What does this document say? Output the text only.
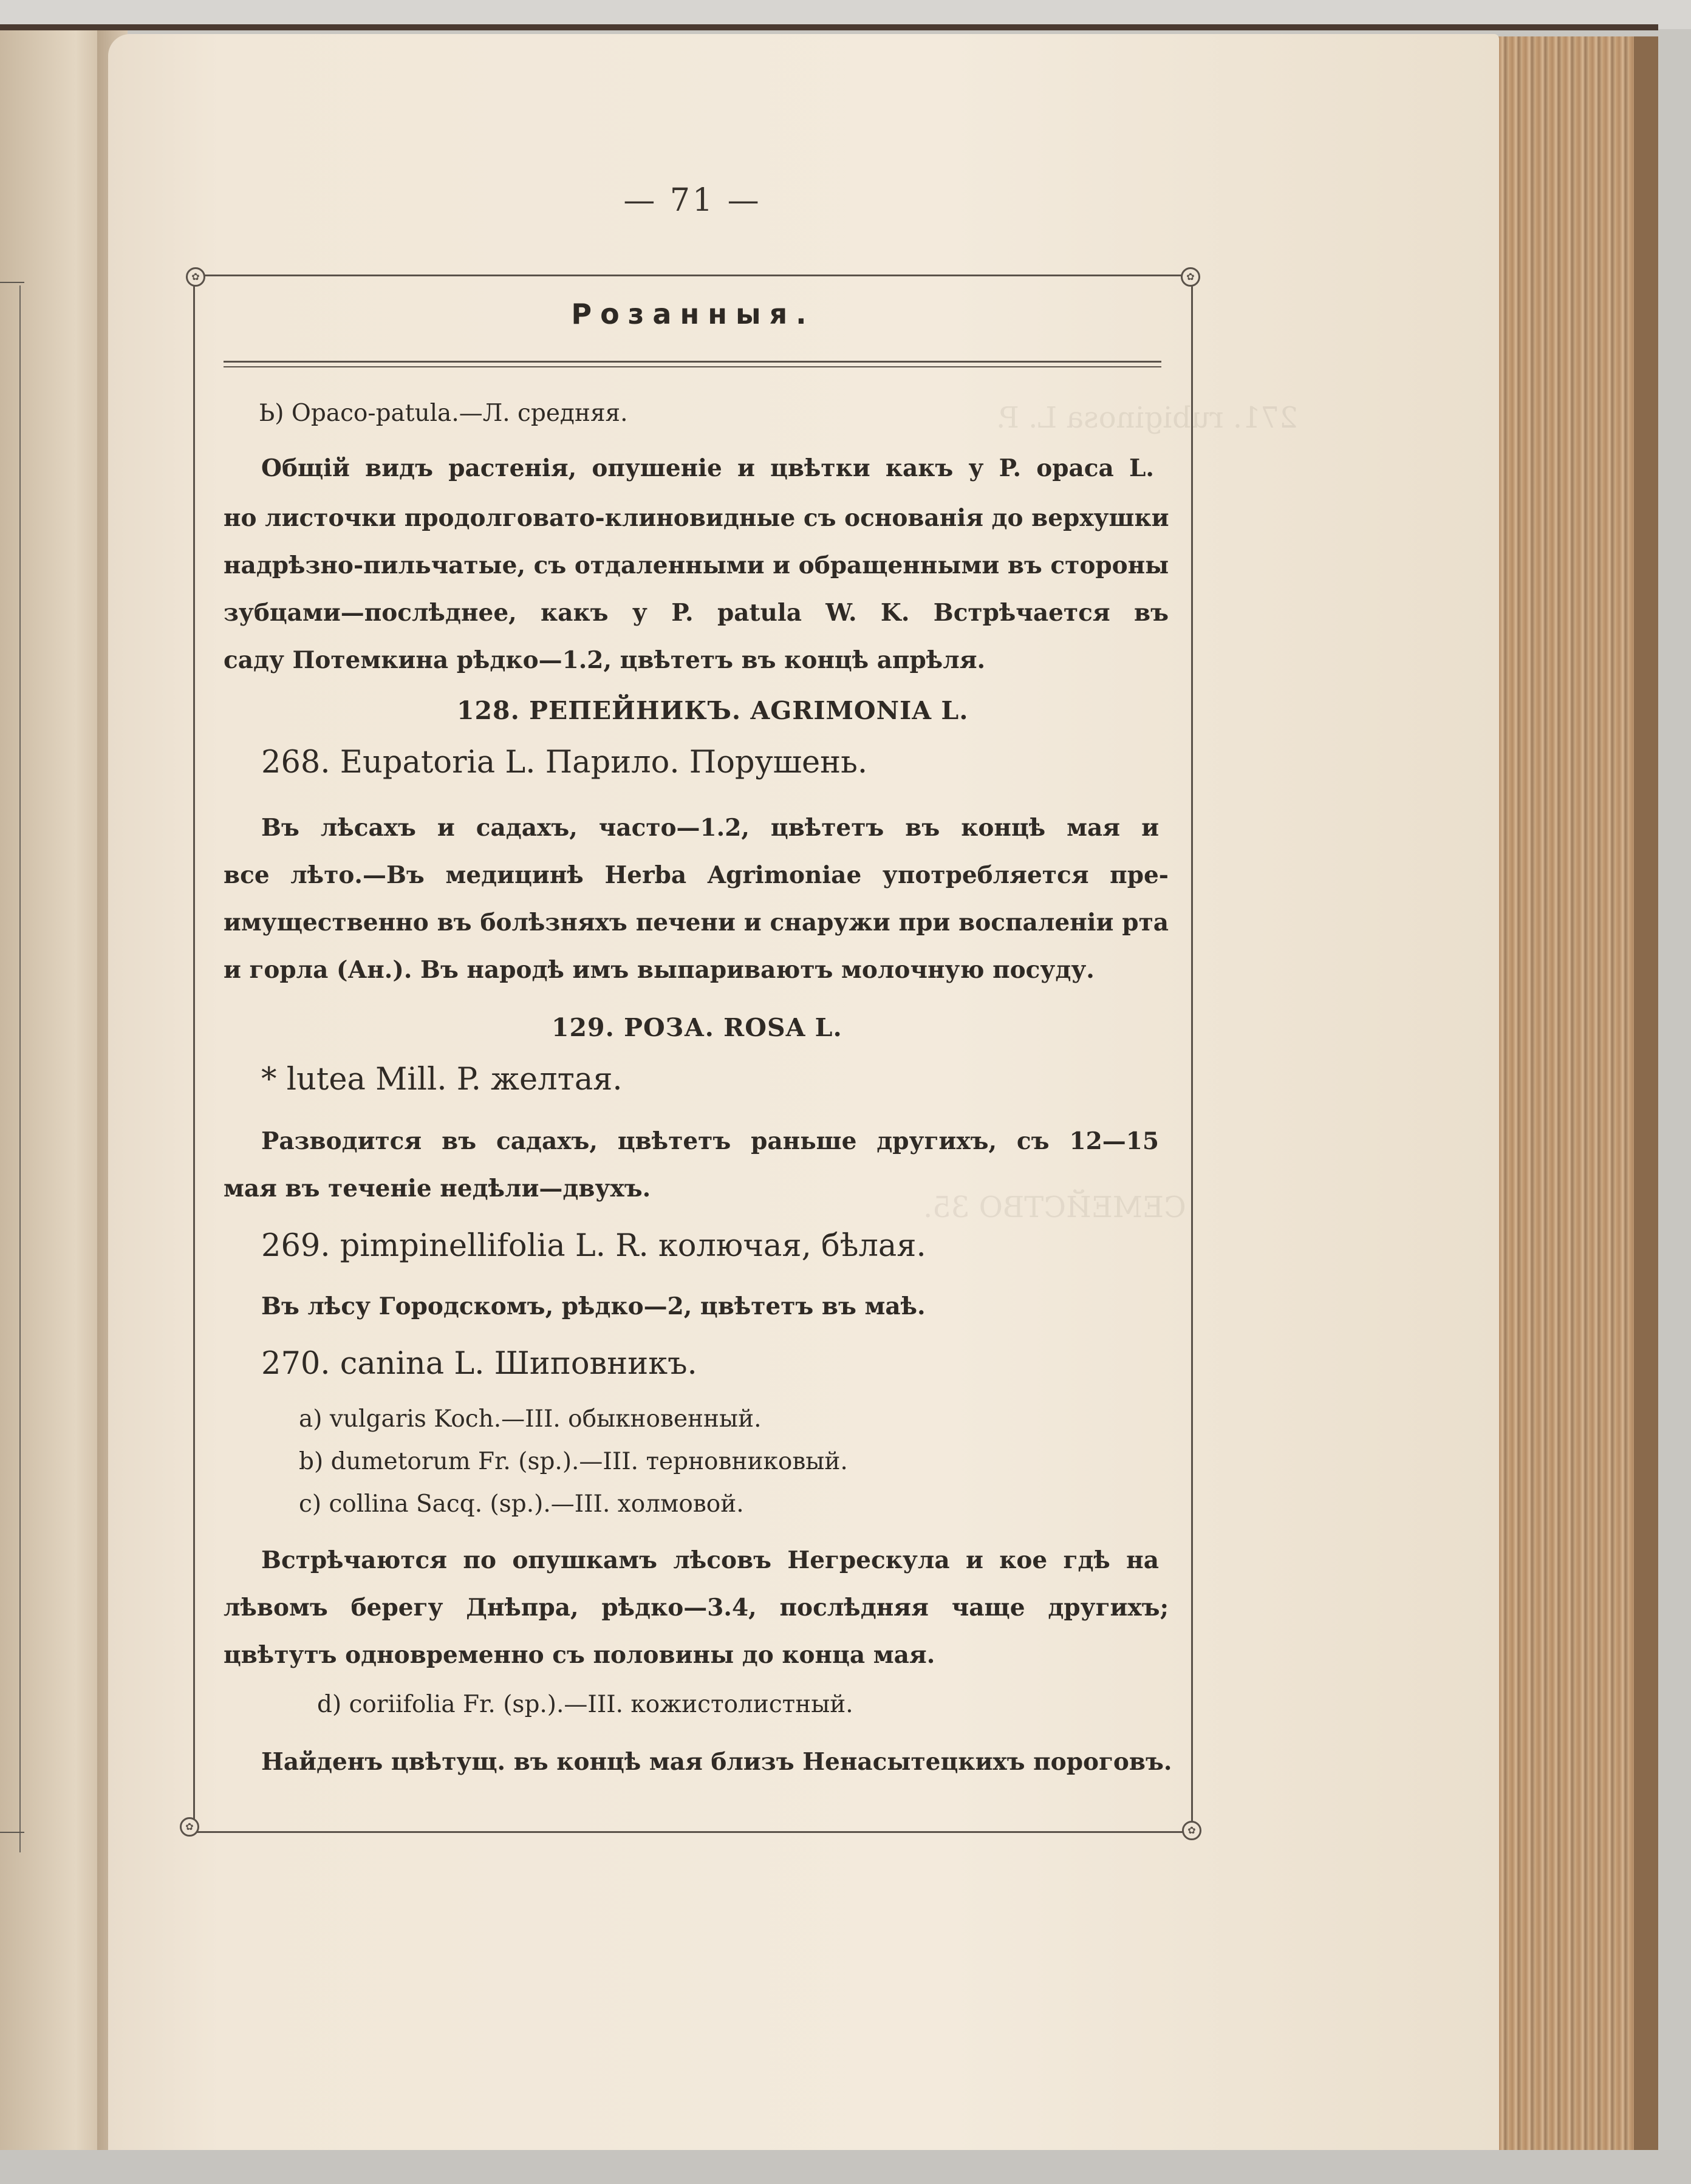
271. rubiginosa L. P.
СЕМЕЙСТВО 35.
— 71 —
✿	✿
✿	✿
Розанныя.
Ь) Opaco-patula.—Л. средняя.
Общій видъ растенія, опушеніе и цвѣтки какъ у P. opaca L.
но листочки продолговато-клиновидные съ основанія до верхушки
надрѣзно-пильчатые, съ отдаленными и обращенными въ стороны
зубцами—послѣднее, какъ у P. patula W. K. Встрѣчается въ
саду Потемкина рѣдко—1.2, цвѣтетъ въ концѣ апрѣля.
128. РЕПЕЙНИКЪ. AGRIMONIA L.
268. Eupatoria L. Парило. Порушень.
Въ лѣсахъ и садахъ, часто—1.2, цвѣтетъ въ концѣ мая и
все лѣто.—Въ медицинѣ Herba Agrimoniae употребляется пре-
имущественно въ болѣзняхъ печени и снаружи при воспаленіи рта
и горла (Ан.). Въ народѣ имъ выпариваютъ молочную посуду.
129. РОЗА. ROSA L.
* lutea Mill. P. желтая.
Разводится въ садахъ, цвѣтетъ раньше другихъ, съ 12—15
мая въ теченіе недѣли—двухъ.
269. pimpinellifolia L. R. колючая, бѣлая.
Въ лѣсу Городскомъ, рѣдко—2, цвѣтетъ въ маѣ.
270. canina L. Шиповникъ.
а) vulgaris Koch.—III. обыкновенный.
b) dumetorum Fr. (sp.).—III. терновниковый.
c) collina Sacq. (sp.).—III. холмовой.
Встрѣчаются по опушкамъ лѣсовъ Негрескула и кое гдѣ на
лѣвомъ берегу Днѣпра, рѣдко—3.4, послѣдняя чаще другихъ;
цвѣтутъ одновременно съ половины до конца мая.
d) coriifolia Fr. (sp.).—III. кожистолистный.
Найденъ цвѣтущ. въ концѣ мая близъ Ненасытецкихъ пороговъ.
